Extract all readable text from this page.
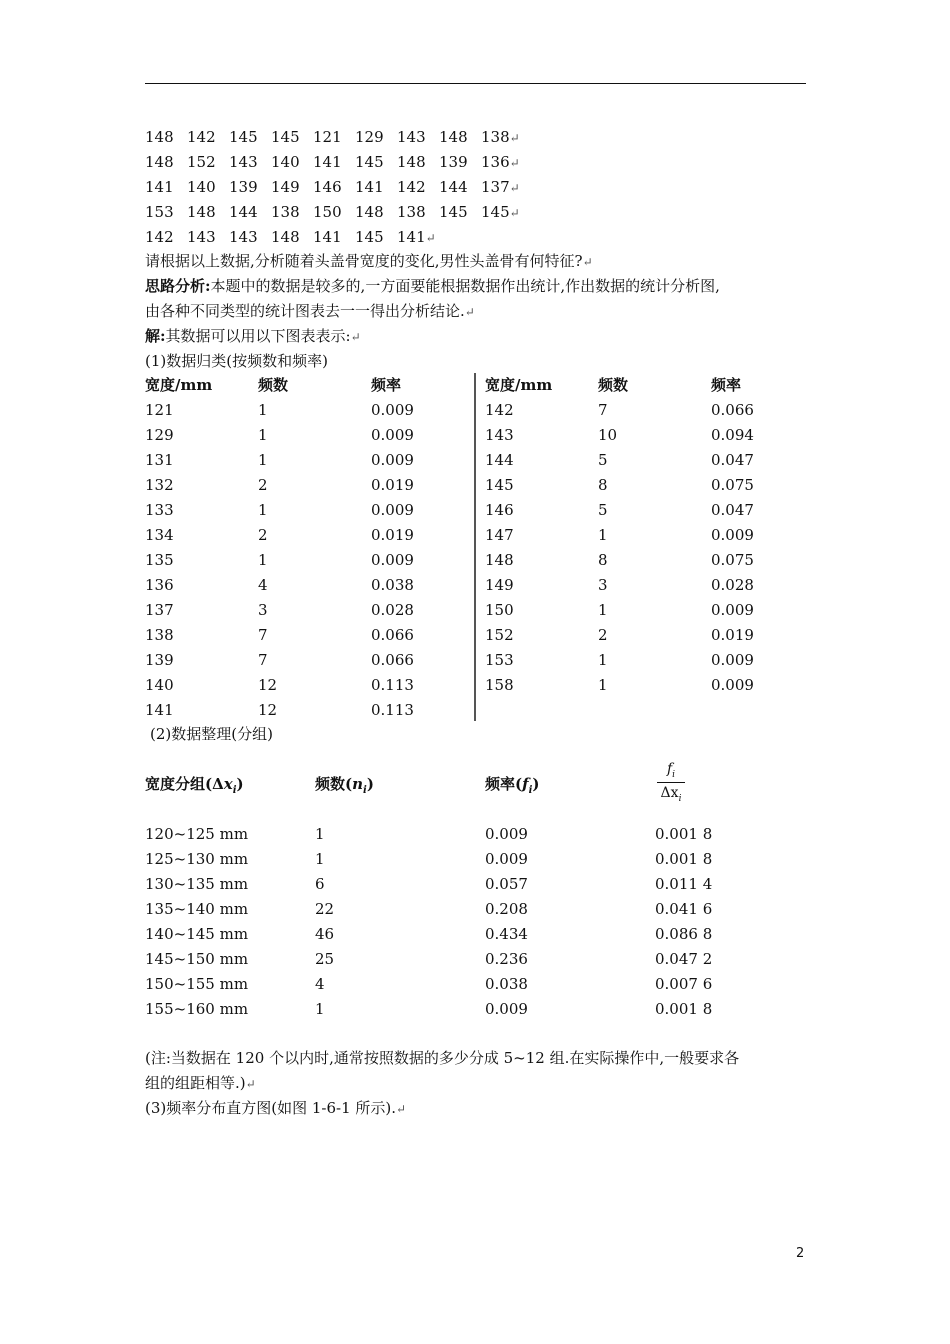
148 142 145 145 121 129 143 148 138↵
148 152 143 140 141 145 148 139 136↵
141 140 139 149 146 141 142 144 137↵
153 148 144 138 150 148 138 145 145↵
142 143 143 148 141 145 141↵
请根据以上数据,分析随着头盖骨宽度的变化,男性头盖骨有何特征?↵
思路分析:本题中的数据是较多的,一方面要能根据数据作出统计,作出数据的统计分析图,
由各种不同类型的统计图表去一一得出分析结论.↵
解:其数据可以用以下图表表示:↵
(1)数据归类(按频数和频率)
宽度/mm	频数	频率
121	1	0.009
129	1	0.009
131	1	0.009
132	2	0.019
133	1	0.009
134	2	0.019
135	1	0.009
136	4	0.038
137	3	0.028
138	7	0.066
139	7	0.066
140	12	0.113
141	12	0.113
宽度/mm	频数	频率
142	7	0.066
143	10	0.094
144	5	0.047
145	8	0.075
146	5	0.047
147	1	0.009
148	8	0.075
149	3	0.028
150	1	0.009
152	2	0.019
153	1	0.009
158	1	0.009
(2)数据整理(分组)
宽度分组$(\Delta x_i)$	频数$(n_i)$	频率$(f_i)$
$f_i$
$\Delta x_i$
120~125 mm	1	0.009	0.001 8
125~130 mm	1	0.009	0.001 8
130~135 mm	6	0.057	0.011 4
135~140 mm	22	0.208	0.041 6
140~145 mm	46	0.434	0.086 8
145~150 mm	25	0.236	0.047 2
150~155 mm	4	0.038	0.007 6
155~160 mm	1	0.009	0.001 8
(注:当数据在 120 个以内时,通常按照数据的多少分成 5~12 组.在实际操作中,一般要求各
组的组距相等.)↵
(3)频率分布直方图(如图 1-6-1 所示).↵
2
